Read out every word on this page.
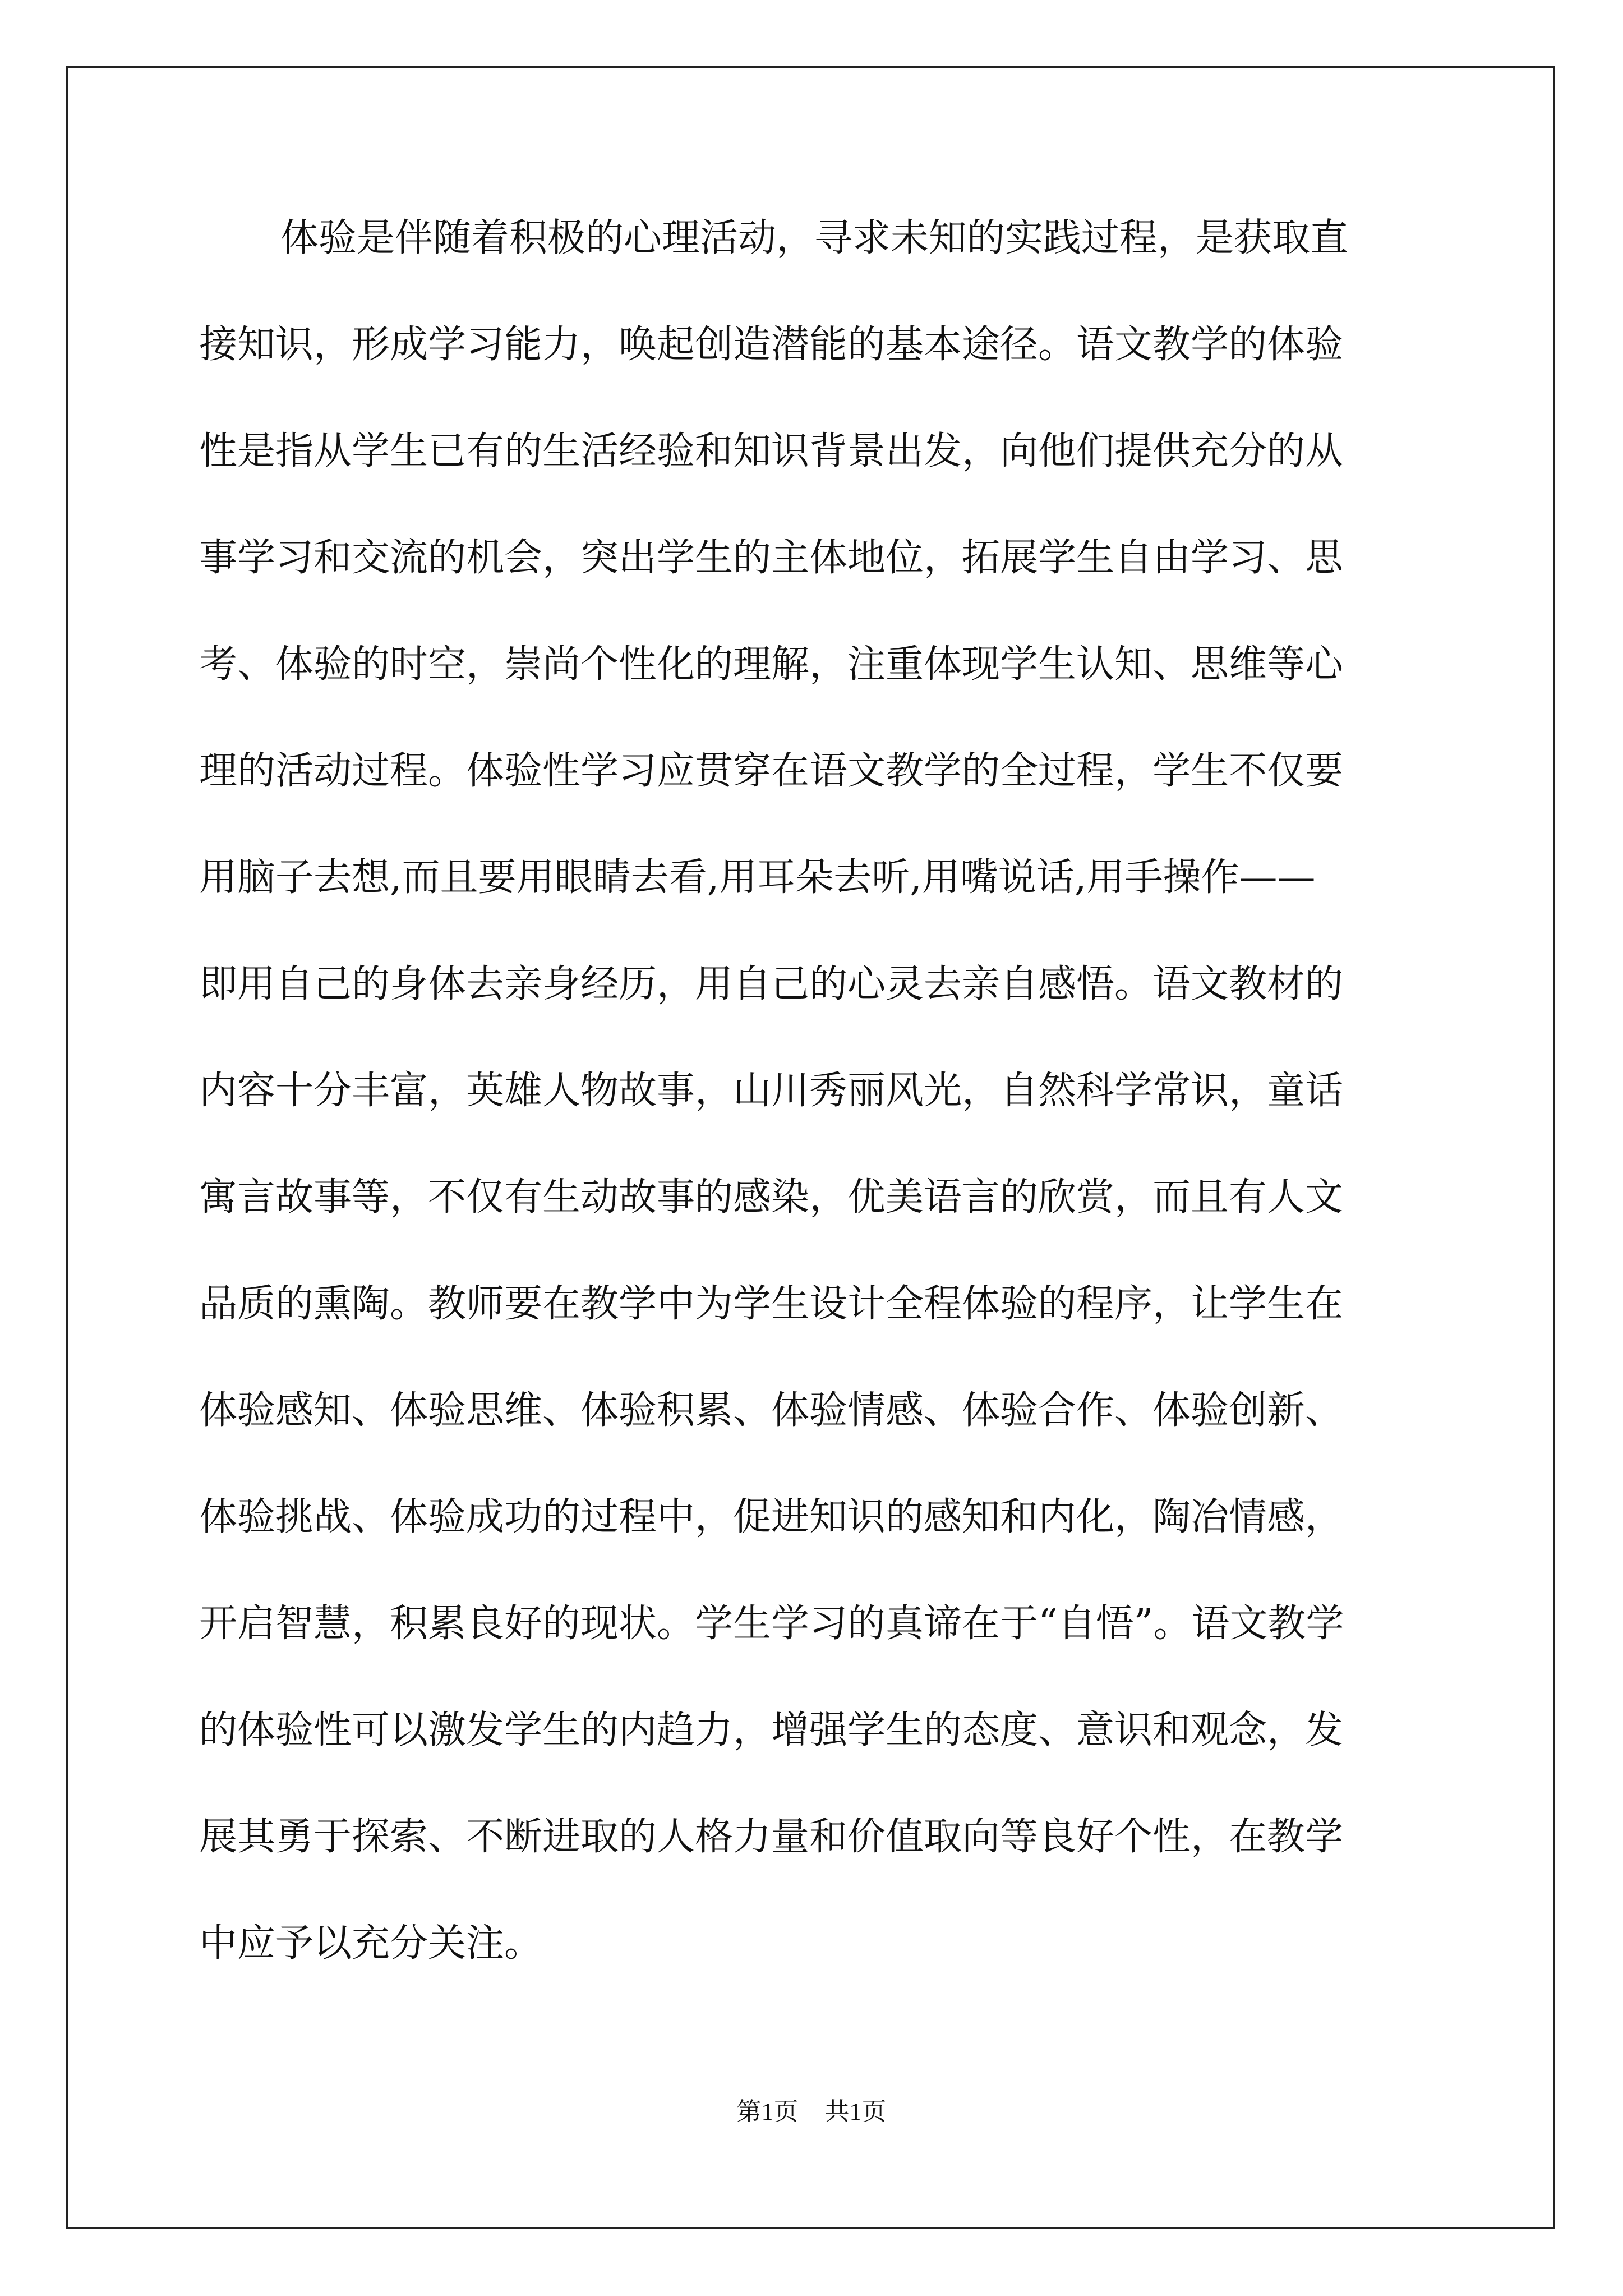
体验是伴随着积极的心理活动，寻求未知的实践过程，是获取直
接知识，形成学习能力，唤起创造潜能的基本途径。语文教学的体验
性是指从学生已有的生活经验和知识背景出发，向他们提供充分的从
事学习和交流的机会，突出学生的主体地位，拓展学生自由学习、思
考、体验的时空，崇尚个性化的理解，注重体现学生认知、思维等心
理的活动过程。体验性学习应贯穿在语文教学的全过程，学生不仅要
用脑子去想,而且要用眼睛去看,用耳朵去听,用嘴说话,用手操作——
即用自己的身体去亲身经历，用自己的心灵去亲自感悟。语文教材的
内容十分丰富，英雄人物故事，山川秀丽风光，自然科学常识，童话
寓言故事等，不仅有生动故事的感染，优美语言的欣赏，而且有人文
品质的熏陶。教师要在教学中为学生设计全程体验的程序，让学生在
体验感知、体验思维、体验积累、体验情感、体验合作、体验创新、
体验挑战、体验成功的过程中，促进知识的感知和内化，陶冶情感，
开启智慧，积累良好的现状。学生学习的真谛在于“自悟”。语文教学
的体验性可以激发学生的内趋力，增强学生的态度、意识和观念，发
展其勇于探索、不断进取的人格力量和价值取向等良好个性，在教学
中应予以充分关注。
第1页 共1页
